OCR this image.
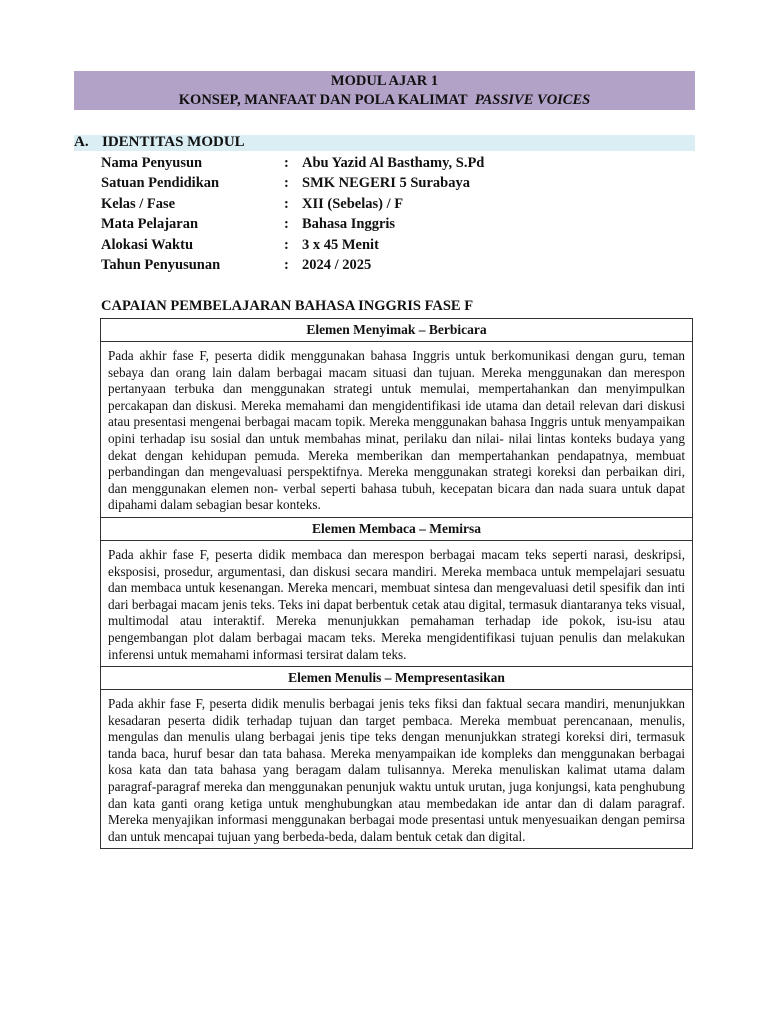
MODUL AJAR 1
KONSEP, MANFAAT DAN POLA KALIMAT PASSIVE VOICES
A. IDENTITAS MODUL
Nama Penyusun	: Abu Yazid Al Basthamy, S.Pd
Satuan Pendidikan	: SMK NEGERI 5 Surabaya
Kelas / Fase	: XII (Sebelas) / F
Mata Pelajaran	: Bahasa Inggris
Alokasi Waktu	: 3 x 45 Menit
Tahun Penyusunan	: 2024 / 2025
CAPAIAN PEMBELAJARAN BAHASA INGGRIS FASE F
Elemen Menyimak – Berbicara
Pada akhir fase F, peserta didik menggunakan bahasa Inggris untuk berkomunikasi dengan guru, teman sebaya dan orang lain dalam berbagai macam situasi dan tujuan. Mereka menggunakan dan merespon pertanyaan terbuka dan menggunakan strategi untuk memulai, mempertahankan dan menyimpulkan percakapan dan diskusi. Mereka memahami dan mengidentifikasi ide utama dan detail relevan dari diskusi atau presentasi mengenai berbagai macam topik. Mereka menggunakan bahasa Inggris untuk menyampaikan opini terhadap isu sosial dan untuk membahas minat, perilaku dan nilai- nilai lintas konteks budaya yang dekat dengan kehidupan pemuda. Mereka memberikan dan mempertahankan pendapatnya, membuat perbandingan dan mengevaluasi perspektifnya. Mereka menggunakan strategi koreksi dan perbaikan diri, dan menggunakan elemen non- verbal seperti bahasa tubuh, kecepatan bicara dan nada suara untuk dapat dipahami dalam sebagian besar konteks.
Elemen Membaca – Memirsa
Pada akhir fase F, peserta didik membaca dan merespon berbagai macam teks seperti narasi, deskripsi, eksposisi, prosedur, argumentasi, dan diskusi secara mandiri. Mereka membaca untuk mempelajari sesuatu dan membaca untuk kesenangan. Mereka mencari, membuat sintesa dan mengevaluasi detil spesifik dan inti dari berbagai macam jenis teks. Teks ini dapat berbentuk cetak atau digital, termasuk diantaranya teks visual, multimodal atau interaktif. Mereka menunjukkan pemahaman terhadap ide pokok, isu-isu atau pengembangan plot dalam berbagai macam teks. Mereka mengidentifikasi tujuan penulis dan melakukan inferensi untuk memahami informasi tersirat dalam teks.
Elemen Menulis – Mempresentasikan
Pada akhir fase F, peserta didik menulis berbagai jenis teks fiksi dan faktual secara mandiri, menunjukkan kesadaran peserta didik terhadap tujuan dan target pembaca. Mereka membuat perencanaan, menulis, mengulas dan menulis ulang berbagai jenis tipe teks dengan menunjukkan strategi koreksi diri, termasuk tanda baca, huruf besar dan tata bahasa. Mereka menyampaikan ide kompleks dan menggunakan berbagai kosa kata dan tata bahasa yang beragam dalam tulisannya. Mereka menuliskan kalimat utama dalam paragraf-paragraf mereka dan menggunakan penunjuk waktu untuk urutan, juga konjungsi, kata penghubung dan kata ganti orang ketiga untuk menghubungkan atau membedakan ide antar dan di dalam paragraf. Mereka menyajikan informasi menggunakan berbagai mode presentasi untuk menyesuaikan dengan pemirsa dan untuk mencapai tujuan yang berbeda-beda, dalam bentuk cetak dan digital.
